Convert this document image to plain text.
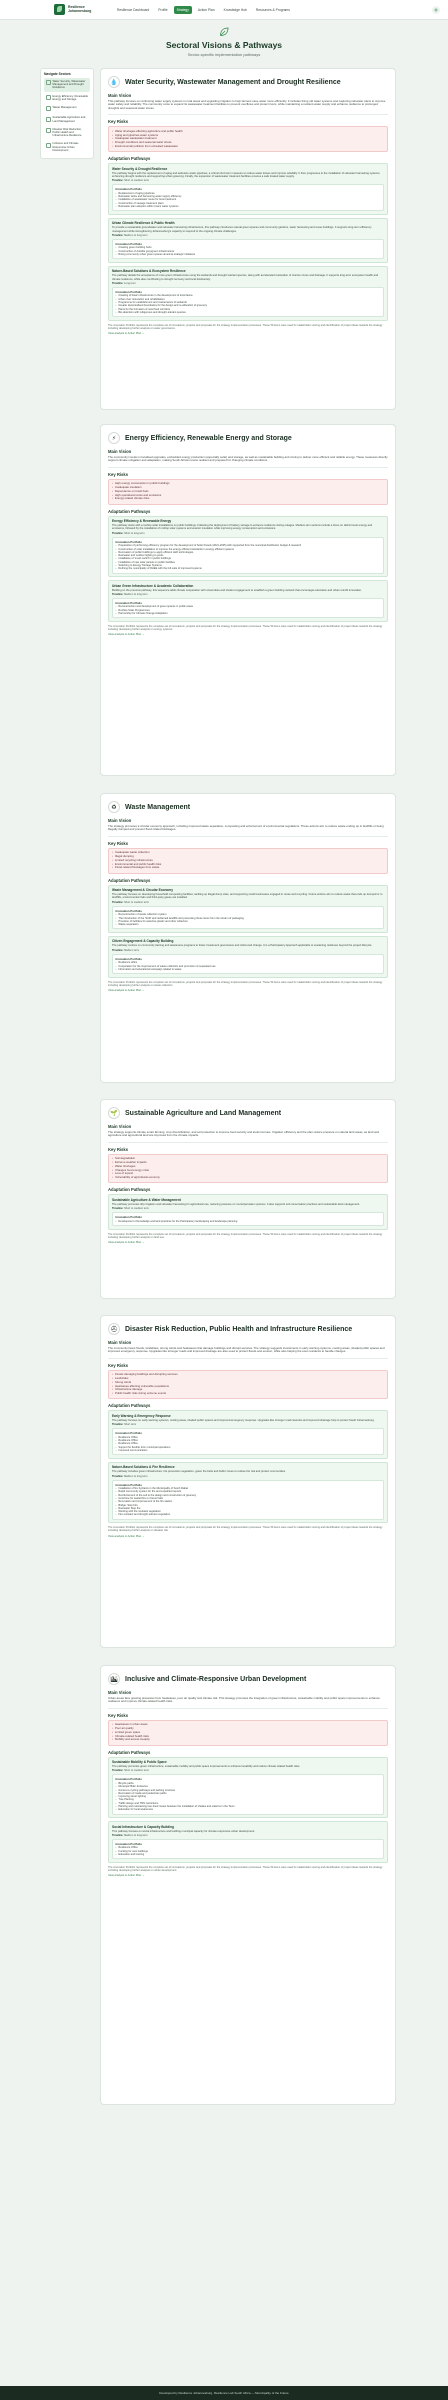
Resilience Johannesburg	Resilience Dashboard	Profile	Strategy	Action Plan	Knowledge Hub	Resources & Programs	◍
Sectoral Visions & Pathways
Sector-specific implementation pathways
Navigate Sectors
Water Security, Wastewater Management and Drought Resilience
Energy Efficiency, Renewable Energy and Storage
Waste Management
Sustainable Agriculture and Land Management
Disaster Risk Reduction, Public Health and Infrastructure Resilience
Inclusive and Climate-Responsive Urban Development
💧	Water Security, Wastewater Management and Drought Resilience
Main Vision
This pathway focuses on reinforcing water supply systems in rural areas and upgrading irrigation to help farmers save water more efficiently. It includes fixing old water systems and capturing rainwater plans to improve water safety and reliability. The community voice to expand its wastewater treatment facilities to prevent overflows and protect rivers, while maintaining a resilient water supply and enhance resilience to prolonged droughts and seasonal water stress.
Key Risks
• Water shortages affecting agriculture and public health
• Aging and pipelines water systems
• Inadequate wastewater treatment
• Drought conditions and seasonal water stress
• Environmental pollution from untreated wastewater
Adaptation Pathways
Water Security & Drought Resilience
The pathway begins with the replacement of aging and asbestos water pipelines, a critical short-term measure to reduce water losses and improve reliability. It then progresses to the installation of rainwater harvesting systems, enhancing drought resilience and supporting urban greening. Finally, the expansion of wastewater treatment facilities ensures a safe treated water supply.
Timeline: Short to medium term
Innovation Portfolio
› Replacement of aging pipelines
› Rainwater tanks and harvesting water supply efficiency
› Installation of wastewater reuse for local treatment
› Construction of sewage treatment plant
› Rainwater plan adoption within towns water systems
Urban Climate Resilience & Public Health
To provide a sustainable groundwater and rainwater harvesting infrastructure, this pathway introduces natural green spaces and community gardens, water harvesting and reuse buildings. It supports long-term efficiency management while strengthening Johannesburg's capacity to respond to the ongoing climate challenges.
Timeline: Medium to long term
Innovation Portfolio
› Creating green building hubs
› Construction of durable grey/green infrastructure
› Rising community urban green spaces aimed at strategic initiatives
Nature-Based Solutions & Ecosystem Resilience
The pathway details the acceptance of more green infrastructure using the wetlands and drought tolerant species, along with accelerated restoration of riverine zones and drainage. It supports long-term ecosystem health and climate resilience, while also contributing to drought recovery and local biodiversity.
Timeline: Long term
Innovation Portfolio
› Creating of basic infrastructure in the development of local fauna
› Urban river restoration and rehabilitation
› Programme for establishment and maintenance of wetlands
› Greater decentralised boundaries for the design and re-allocation of greenery
› Plans for the formation of new flood corridors
› Bio-detention with indigenous and drought-tolerant species
The innovation Portfolio represents the complete set of innovations, projects and proposals for the strategy implementation processes. These 50 items were used for stakeholder scoring and identification of project ideas towards the strategy including developing further analysis on water governance.
View analysis in Action Plan →
⚡	Energy Efficiency, Renewable Energy and Storage
Main Vision
The community invests in localised upgrades, embedded energy production (especially solar) and storage, as well as sustainable building and zoning to deliver more efficient and reliable energy. These measures directly support climate mitigation and adaptation, making South African towns resilient and prepared for changing climate conditions.
Key Risks
• High energy consumption in public buildings
• Inadequate insulation
• Dependence on fossil fuels
• High operational costs and emissions
• Energy related climate risks
Adaptation Pathways
Energy Efficiency & Renewable Energy
The pathway starts with a rooftop solar installations on public buildings. Following the deployment of battery storage to enhance resilience during outages. Medium-term actions include a focus on district level energy and emissions, followed by the installation of rooftop solar systems and exterior insulation while improving energy consumption and emissions.
Timeline: Short to long term
Innovation Portfolio
› Preparation of performing efficiency program for the development of Solar Panels (2021-2025) with supported from the municipal distribution budget & research
› Construction of solar installation to improve the energy efficient standards in energy efficient systems
› Renovation of public buildings to apply efficient LED technologies
› Rainwater and outdoor lighting to pools
› Installation of 'smart switch' in public buildings
› Installation of new solar panels on public facilities
› Switching to Energy Storage Systems
› Defining the municipality of RHEE with the full suite of improved systems
Urban Green Infrastructure & Academic Collaboration
Building on the previous pathway, this sequence adds climate cooperation with universities and student engagement to establish a green building network that encourages education and urban retrofit innovation.
Timeline: Medium to long term
Innovation Portfolio
› Reconstruction and development of green spaces in public areas
› Rooftop Solar Programmes
› Partnership for Climate Change Adaptation
The innovation Portfolio represents the complete set of innovations, projects and proposals for the strategy implementation processes. These 50 items were used for stakeholder scoring and identification of project ideas towards the strategy including developing further analysis on energy systems.
View analysis in Action Plan →
♻	Waste Management
Main Vision
The strategy promotes a circular economy approach, including improved waste separation, composting and enforcement of environmental regulations. These actions aim to reduce waste ending up in landfills or being illegally dumped and prevent flood related blockages.
Key Risks
• Inadequate waste collection
• Illegal dumping
• Limited recycling infrastructure
• Environmental and public health risks
• Flood-related blockages from waste
Adaptation Pathways
Waste Management & Circular Economy
The pathway focuses on developing household composting facilities, tackling up illegal dump sites, and supporting small businesses engaged in reuse and recycling. Future actions aim to reduce waste that ends up dumped or in landfills, environmental risks and third-party gases are installed.
Timeline: Short to medium term
Innovation Portfolio
› Reconstruction of waste collection system
› The introduction of the 'SAR' and reclaimed landfills and preventing those items from the stream of packaging
› Provision of facilities for selective plastic and other collection
› Waste separation
Citizen Engagement & Capacity Building
The pathway centres on community training and awareness programs to foster investment governance and citizen-led change. It is a Participatory Approach applicable to sustaining resilience beyond the project lifecycle.
Timeline: Medium term
Innovation Portfolio
› Resilience office
› Cooperation for the improvement of waste collection and promotion of separated use
› Information and educational campaign related to waste
The innovation Portfolio represents the complete set of innovations, projects and proposals for the strategy implementation processes. These 50 items were used for stakeholder scoring and identification of project ideas towards the strategy including developing further analysis on waste collection.
View analysis in Action Plan →
🌱	Sustainable Agriculture and Land Management
Main Vision
The strategy supports climate smart farming, crop diversification, and soil protection to improve food security and local incomes. Irrigation efficiency and the plan reduce pressure on natural land areas, as land and agriculture and agricultural land are improved from the climate impacts.
Key Risks
• Soil degradation
• Extreme weather impacts
• Water shortages
• Changes food energy crisis
• Loss of topsoil
• Vulnerability of agricultural economy
Adaptation Pathways
Sustainable Agriculture & Water Management
The pathway promotes drip irrigation and rainwater harvesting for agricultural use, reducing pressure on municipal water systems. It also supports soil conservation practices and sustainable land management.
Timeline: Short to medium term
Innovation Portfolio
› Development of knowledge and land practices for the Participatory landscaping and landscape planning
The innovation Portfolio represents the complete set of innovations, projects and proposals for the strategy implementation processes. These 50 items were used for stakeholder scoring and identification of project ideas towards the strategy including developing further analysis on land use.
View analysis in Action Plan →
⛑	Disaster Risk Reduction, Public Health and Infrastructure Resilience
Main Vision
The community faces floods, landslides, strong winds and heatwaves that damage buildings and disrupt services. The strategy suggests investments in early warning systems, cooling areas, shaded public spaces and improved emergency response. Upgrades like stronger roads and improved drainage are also used to protect floods and erosion, while also helping the town residents to handle changes.
Key Risks
• Floods damaging buildings and disrupting services
• Landslides
• Strong winds
• Heatwaves affecting vulnerable populations
• Infrastructure damage
• Public health risks during extreme events
Adaptation Pathways
Early Warning & Emergency Response
The pathway focuses on early warning systems, cooling areas, shaded public spaces and improved emergency response. Upgrades like stronger road networks and improved drainage help to protect South Johannesburg.
Timeline: Short term
Innovation Portfolio
› Resilience Office
› Resilience Office
› Resilience Office
› Support for flexible form municipal operations
› Improved communication
Nature-Based Solutions & Fire Resilience
The pathway includes green infrastructure, fire prevention vegetation, green fire belts and buffer zones to reduce fire risk and protect communities.
Timeline: Medium to long term
Innovation Portfolio
› Installation of fire hydrants in the Municipality of South Rabat
› Rapid community system for fire and expedited reports
› Reinforcement of the soil to the design and construction of greenery
› Good line for sealed fire on forest trails
› Renovation and improvement of the fire station
› Bridge: Stop Fire
› Rainwater Stop fire
› Working with the resistant vegetation
› Fire resistant and drought-tolerant vegetation
The innovation Portfolio represents the complete set of innovations, projects and proposals for the strategy implementation processes. These 50 items were used for stakeholder scoring and identification of project ideas towards the strategy including developing further analysis on disaster risk.
View analysis in Action Plan →
🏙	Inclusive and Climate-Responsive Urban Development
Main Vision
Urban areas face growing pressures from heatwaves, poor air quality and climate risk. This strategy promotes the integration of green infrastructure, sustainable mobility and public space improvements to enhance resilience and improve climate-related health risks.
Key Risks
• Heatwaves in urban areas
• Poor air quality
• Limited green space
• Climate-related health risks
• Mobility and access inequity
Adaptation Pathways
Sustainable Mobility & Public Space
The pathway promotes green infrastructure, sustainable mobility and public space improvements to enhance liveability and reduce climate related health risks.
Timeline: Short to medium term
Innovation Portfolio
› Bicycle paths
› Municipal 'Bike' deliveries
› Access to cycling pathways and parking structure
› Renovation of roads and pedestrian paths
› Improving street lighting
› Tree Planting
› Traffic design and TMS restrictions
› Planting and maintaining tree-lined routes between the installation of shades and stations in the Town
› Education for local awareness
Social Infrastructure & Capacity Building
This pathway focuses on social infrastructure and building municipal capacity for climate responsive urban development.
Timeline: Medium to long term
Innovation Portfolio
› Resilience Office
› Funding for new buildings
› Education and training
The innovation Portfolio represents the complete set of innovations, projects and proposals for the strategy implementation processes. These 50 items were used for stakeholder scoring and identification of project ideas towards the strategy including developing further analysis on urban development.
View analysis in Action Plan →
Developed by Resilience Johannesburg. Resilience Lab South Africa — Municipality of the Future
